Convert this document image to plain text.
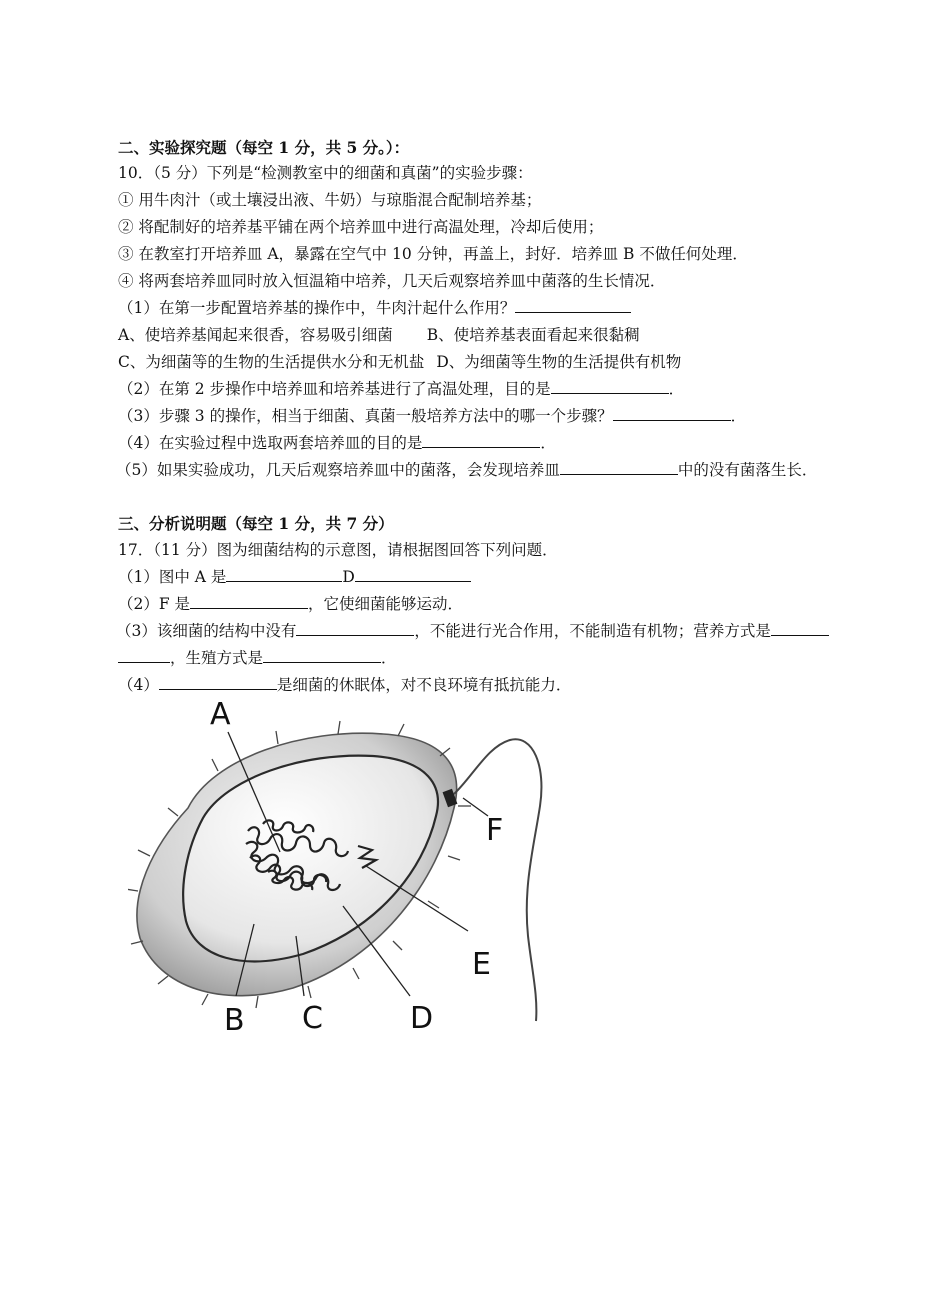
二、实验探究题（每空 1 分，共 5 分。）：
10．（5 分）下列是“检测教室中的细菌和真菌”的实验步骤：
① 用牛肉汁（或土壤浸出液、牛奶）与琼脂混合配制培养基；
② 将配制好的培养基平铺在两个培养皿中进行高温处理，冷却后使用；
③ 在教室打开培养皿 A，暴露在空气中 10 分钟，再盖上，封好．培养皿 B 不做任何处理．
④ 将两套培养皿同时放入恒温箱中培养，几天后观察培养皿中菌落的生长情况．
（1）在第一步配置培养基的操作中，牛肉汁起什么作用？
A、使培养基闻起来很香，容易吸引细菌 B、使培养基表面看起来很黏稠
C、为细菌等的生物的生活提供水分和无机盐 D、为细菌等生物的生活提供有机物
（2）在第 2 步操作中培养皿和培养基进行了高温处理，目的是	．
（3）步骤 3 的操作，相当于细菌、真菌一般培养方法中的哪一个步骤？	．
（4）在实验过程中选取两套培养皿的目的是	．
（5）如果实验成功，几天后观察培养皿中的菌落，会发现培养皿	中的没有菌落生长．
三、分析说明题（每空 1 分，共 7 分）
17．（11 分）图为细菌结构的示意图，请根据图回答下列问题．
（1）图中 A 是	D
（2）F 是	，它使细菌能够运动．
（3）该细菌的结构中没有	，不能进行光合作用，不能制造有机物；营养方式是
，生殖方式是	．
（4）	是细菌的休眠体，对不良环境有抵抗能力．
A
F
E
D
C
B
